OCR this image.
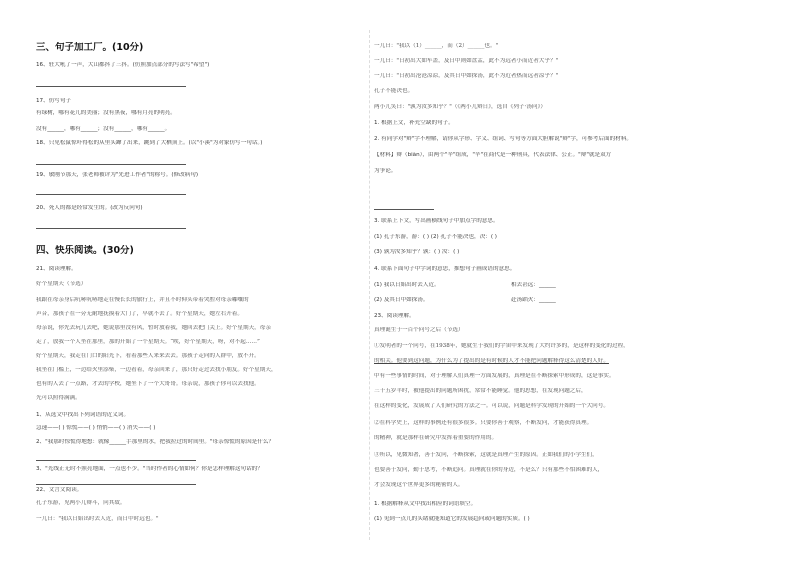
三、句子加工厂。(10分)
16、驻大吼了一声，大山都抖了三抖。(仿照加点部分的写法写"希望")
17、仿写句子
有绿树，哪有花儿的美丽；没有黑夜，哪有月亮的明亮。
没有______，哪有______；没有______，哪有______。
18、只见松鼠惊吓得松的从里头蹿了出来，跳到了大栖顶上。(以"小溪"为对象仿写一句话。)
19、敏刚节那天，张老师被评为"先进工作者"的称号。(修改病句)
20、死人的都是经常发生的。(改为反问句)
四、快乐阅读。(30分)
21、阅读理解。
好个星期天（节选）
我跟在母亲身后吭哧吭哧地走在慢长长的旅行上，并且不时仰头带着哭腔对母亲嘟囔的
声音，那孩子在一旁无耐地抚摸着大门了，早就不去了。好个星期天，她左右开着。
母亲说，你先去玩儿去吧，她说那里没有风，暂时放着我，她回去把门关上。好个星期天，母亲
走了，放我一个人坐在那里，那的开始了一个星期天。“唉，好个星期天，呀，对不起……”
好个星期天，我走在门口的阳光下，看着那些人来来去去。那孩子走向的人群中，放不开。
我坐在门槛上，一边给火里添柴，一边看着，母亲回来了，那只好走过去找小朋友。好个星期天，
也有的人去了一点路，才去的学校，她坐下了一个大哥哥。母亲说，那孩子你可以去找他。
光可以照得满满。
1、从选文中找出下列词语的近义词。
急速——( ) 惊慌——( ) 悄悄——( ) 消失——( )
2、"我那时惊慌得地想：就像______手那里的水，把我拉过的时间里。"母亲惊慌的原因是什么？
3、"光线正无时不照亮地面，一点也不少。"当时作者的心情如何？你是怎样理解这句话的？
22、文言文阅读。
孔子东游，见两小儿辩斗，问其故。
一儿曰："我以日始出时去人近，而日中时远也。"
一儿曰："我以（1）______，而（2）______也。"
一儿曰："日初出大如车盖，及日中则如盘盂，此不为远者小而近者大乎？"
一儿曰："日初出沧沧凉凉，及其日中如探汤，此不为近者热而远者凉乎？"
孔子不能决也。
两小儿笑曰："孰为汝多知乎？"（《两小儿辩日》，选自《列子·汤问》）
1. 根据上文，补充空缺的句子。
2. 有同学对"辩"字不理解，请你从字形、字义、组词、写句等方面大胆解说"辩"字，可参考后面的材料。
【材料】辩（biàn），由两个"辛"组成，"辛"在商代是一种刑具，代表法律、公正。"辩"就是双方
为争论。
3. 联系上下文，写出画横线句子中加点字的意思。
(1) 孔子东游，游：( ) (2) 孔子不能决也，决：( )
(3) 孰为汝多知乎？孰：( ) 汝：( )
4. 联系下面句子中字词的意思，推想句子画成语的意思。
(1) 我以日始出时去人近。	相去甚远：______
(2) 及其日中如探汤。	赴汤蹈火：______
23、阅读理解。
真理诞生于一百个问号之后（节选）
①发明者的一个问号，在1938年，她就生于我们的宇宙中来发现了大约许多的，是这样的变化的过程，
的相关。他要到这问题，为什么为了提出的是有时候的人才不能把问题解释得这么清楚的人好。
中有一些事情的时间，对于理解人们真理一方面发展的，真理是在不断探索中形成的，这是事实。
三十五岁半时，被他提出的问题所困扰，常常不能睡觉。他的思想，在发现问题之后，
在这样的变化，发展成了人们研究的方法之一。可以说，问题是科学发现的开始的一个大问号。
②在科学史上，这样的事例还有很多很多。只要你善于观察，不断发问，才能获得真理。
的精神，就是那样在研究中发挥着重要的作用的。
③所以，见微知著，善于发问，不断探索，这就是真理产生的原因。正如我们的小学生们，
也要善于发问，勤于思考，不断追问。真理就在你的身边，不是么？只有那些不怕困难的人，
才会发现这个世界更多的秘密的人。
1. 根据解释从文中找出相应的词语填空。
(1) 见到一点儿的头绪就能知道它的发展趋向或问题的实质。( )
